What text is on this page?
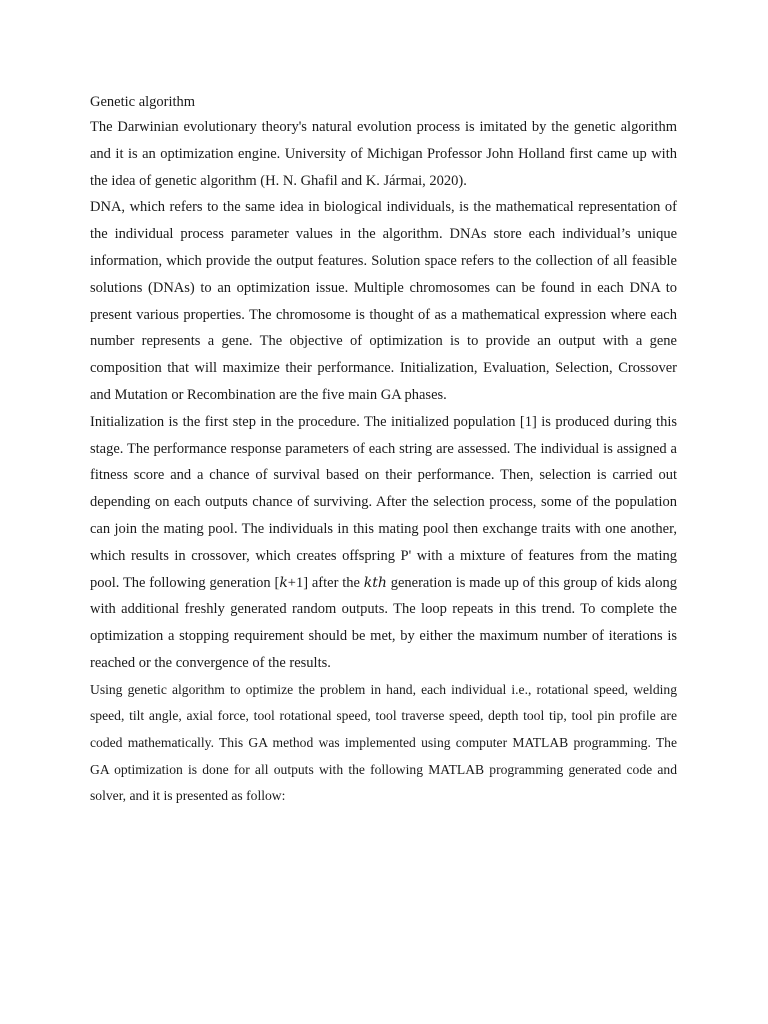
Genetic algorithm

The Darwinian evolutionary theory's natural evolution process is imitated by the genetic algorithm and it is an optimization engine. University of Michigan Professor John Holland first came up with the idea of genetic algorithm (H. N. Ghafil and K. Jármai, 2020).

DNA, which refers to the same idea in biological individuals, is the mathematical representation of the individual process parameter values in the algorithm. DNAs store each individual’s unique information, which provide the output features. Solution space refers to the collection of all feasible solutions (DNAs) to an optimization issue. Multiple chromosomes can be found in each DNA to present various properties. The chromosome is thought of as a mathematical expression where each number represents a gene. The objective of optimization is to provide an output with a gene composition that will maximize their performance. Initialization, Evaluation, Selection, Crossover and Mutation or Recombination are the five main GA phases.

Initialization is the first step in the procedure. The initialized population [1] is produced during this stage. The performance response parameters of each string are assessed. The individual is assigned a fitness score and a chance of survival based on their performance. Then, selection is carried out depending on each outputs chance of surviving. After the selection process, some of the population can join the mating pool. The individuals in this mating pool then exchange traits with one another, which results in crossover, which creates offspring P' with a mixture of features from the mating pool. The following generation [k+1] after the kth generation is made up of this group of kids along with additional freshly generated random outputs. The loop repeats in this trend. To complete the optimization a stopping requirement should be met, by either the maximum number of iterations is reached or the convergence of the results.

Using genetic algorithm to optimize the problem in hand, each individual i.e., rotational speed, welding speed, tilt angle, axial force, tool rotational speed, tool traverse speed, depth tool tip, tool pin profile are coded mathematically. This GA method was implemented using computer MATLAB programming. The GA optimization is done for all outputs with the following MATLAB programming generated code and solver, and it is presented as follow:
